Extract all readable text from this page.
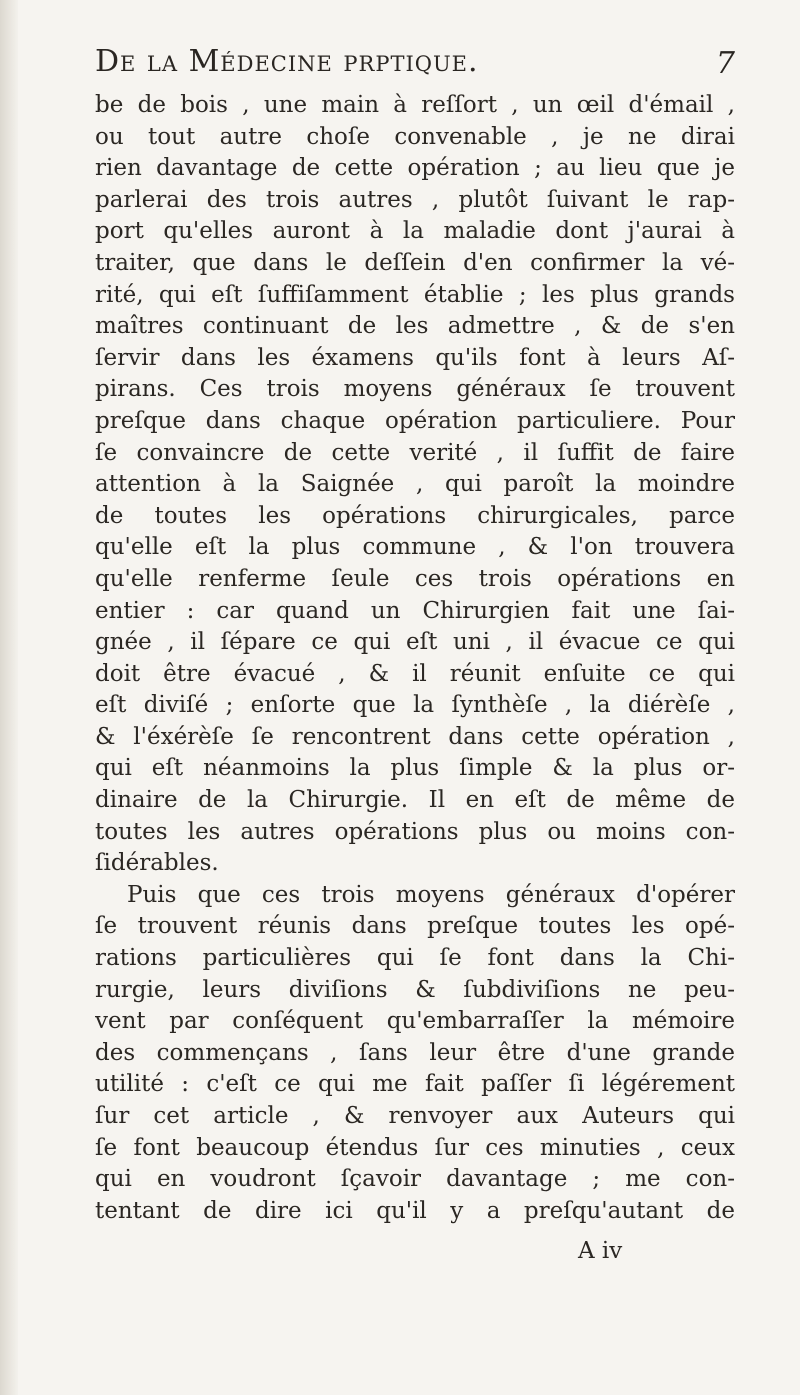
De la Médecine prptique.	7
be de bois , une main à reſſort , un œil d'émail ,
ou tout autre choſe convenable , je ne dirai
rien davantage de cette opération ; au lieu que je
parlerai des trois autres , plutôt ſuivant le rap-
port qu'elles auront à la maladie dont j'aurai à
traiter, que dans le deſſein d'en confirmer la vé-
rité, qui eſt ſuffiſamment établie ; les plus grands
maîtres continuant de les admettre , & de s'en
ſervir dans les éxamens qu'ils font à leurs Aſ-
pirans. Ces trois moyens généraux ſe trouvent
preſque dans chaque opération particuliere. Pour
ſe convaincre de cette verité , il ſuffit de faire
attention à la Saignée , qui paroît la moindre
de toutes les opérations chirurgicales, parce
qu'elle eſt la plus commune , & l'on trouvera
qu'elle renferme ſeule ces trois opérations en
entier : car quand un Chirurgien fait une ſai-
gnée , il ſépare ce qui eſt uni , il évacue ce qui
doit être évacué , & il réunit enſuite ce qui
eſt diviſé ; enſorte que la ſynthèſe , la diérèſe ,
& l'éxérèſe ſe rencontrent dans cette opération ,
qui eſt néanmoins la plus ſimple & la plus or-
dinaire de la Chirurgie. Il en eſt de même de
toutes les autres opérations plus ou moins con-
ſidérables.
Puis que ces trois moyens généraux d'opérer
ſe trouvent réunis dans preſque toutes les opé-
rations particulières qui ſe font dans la Chi-
rurgie, leurs diviſions & ſubdiviſions ne peu-
vent par conſéquent qu'embarraſſer la mémoire
des commençans , ſans leur être d'une grande
utilité : c'eſt ce qui me fait paſſer ſi légérement
ſur cet article , & renvoyer aux Auteurs qui
ſe font beaucoup étendus ſur ces minuties , ceux
qui en voudront ſçavoir davantage ; me con-
tentant de dire ici qu'il y a preſqu'autant de
A iv
